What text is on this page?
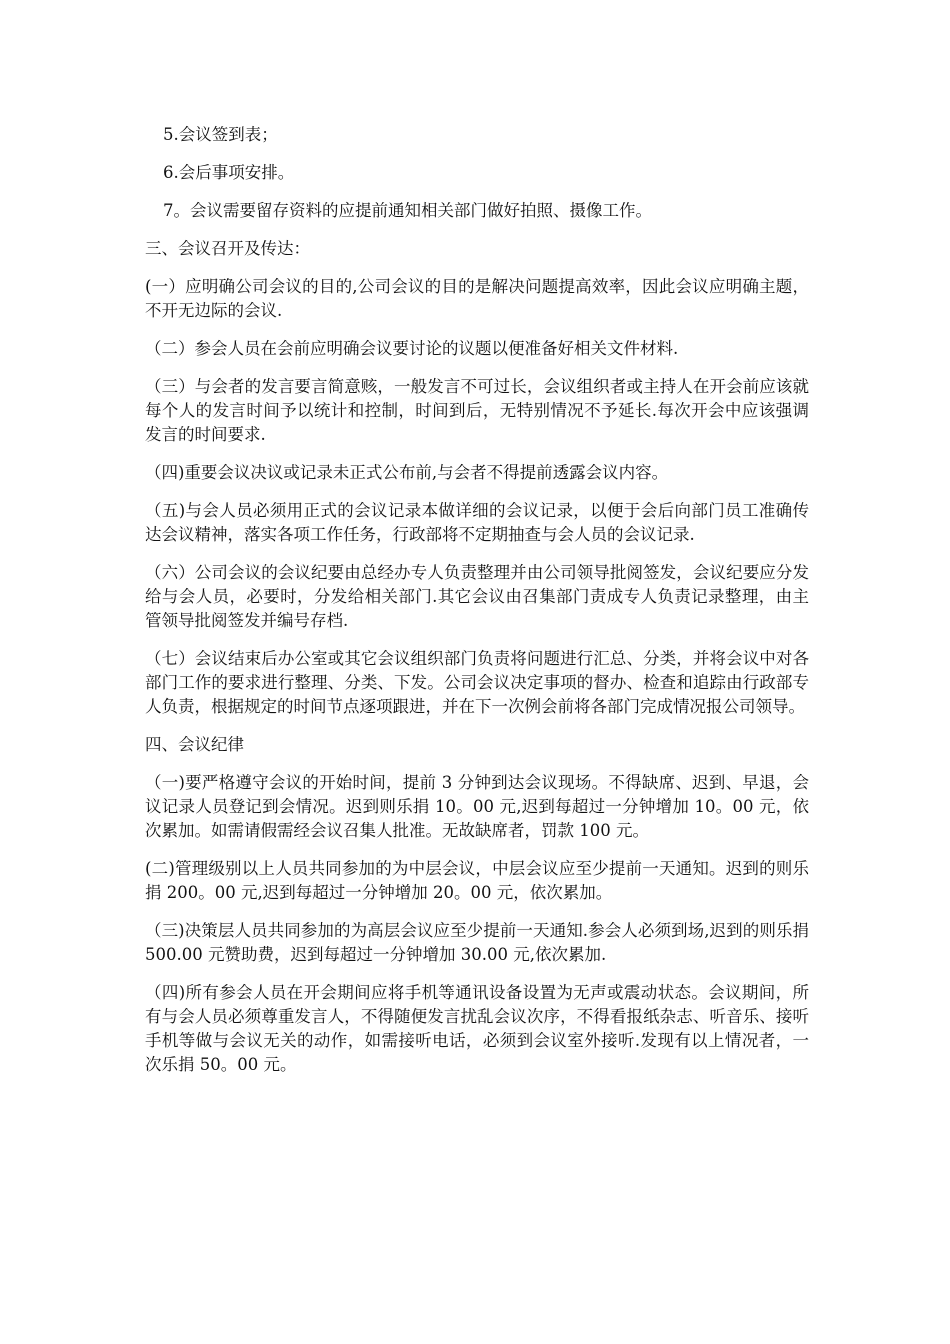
5.会议签到表；

6.会后事项安排。

7。会议需要留存资料的应提前通知相关部门做好拍照、摄像工作。

三、会议召开及传达：

(一）应明确公司会议的目的,公司会议的目的是解决问题提高效率，因此会议应明确主题，不开无边际的会议.

（二）参会人员在会前应明确会议要讨论的议题以便准备好相关文件材料.

（三）与会者的发言要言简意赅，一般发言不可过长，会议组织者或主持人在开会前应该就每个人的发言时间予以统计和控制，时间到后，无特别情况不予延长.每次开会中应该强调发言的时间要求.

（四)重要会议决议或记录未正式公布前,与会者不得提前透露会议内容。

（五)与会人员必须用正式的会议记录本做详细的会议记录，以便于会后向部门员工准确传达会议精神，落实各项工作任务，行政部将不定期抽查与会人员的会议记录.

（六）公司会议的会议纪要由总经办专人负责整理并由公司领导批阅签发，会议纪要应分发给与会人员，必要时，分发给相关部门.其它会议由召集部门责成专人负责记录整理，由主管领导批阅签发并编号存档.

（七）会议结束后办公室或其它会议组织部门负责将问题进行汇总、分类，并将会议中对各部门工作的要求进行整理、分类、下发。公司会议决定事项的督办、检查和追踪由行政部专人负责，根据规定的时间节点逐项跟进，并在下一次例会前将各部门完成情况报公司领导。

四、会议纪律

（一)要严格遵守会议的开始时间，提前 3 分钟到达会议现场。不得缺席、迟到、早退，会议记录人员登记到会情况。迟到则乐捐 10。00 元,迟到每超过一分钟增加 10。00 元，依次累加。如需请假需经会议召集人批准。无故缺席者，罚款 100 元。

(二)管理级别以上人员共同参加的为中层会议，中层会议应至少提前一天通知。迟到的则乐捐 200。00 元,迟到每超过一分钟增加 20。00 元，依次累加。

（三)决策层人员共同参加的为高层会议应至少提前一天通知.参会人必须到场,迟到的则乐捐 500.00 元赞助费，迟到每超过一分钟增加 30.00 元,依次累加.

（四)所有参会人员在开会期间应将手机等通讯设备设置为无声或震动状态。会议期间，所有与会人员必须尊重发言人，不得随便发言扰乱会议次序，不得看报纸杂志、听音乐、接听手机等做与会议无关的动作，如需接听电话，必须到会议室外接听.发现有以上情况者，一次乐捐 50。00 元。
